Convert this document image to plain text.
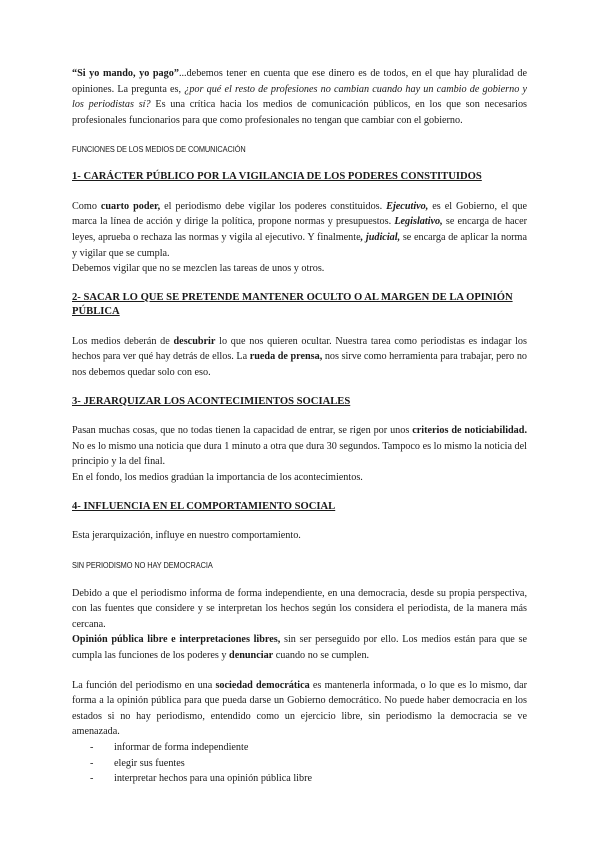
“Si yo mando, yo pago”...debemos tener en cuenta que ese dinero es de todos, en el que hay pluralidad de opiniones. La pregunta es, ¿por qué el resto de profesiones no cambian cuando hay un cambio de gobierno y los periodistas sí? Es una crítica hacia los medios de comunicación públicos, en los que son necesarios profesionales funcionarios para que como profesionales no tengan que cambiar con el gobierno.

FUNCIONES DE LOS MEDIOS DE COMUNICACIÓN
1- CARÁCTER PÚBLICO POR LA VIGILANCIA DE LOS PODERES CONSTITUIDOS

Como cuarto poder, el periodismo debe vigilar los poderes constituidos. Ejecutivo, es el Gobierno, el que marca la línea de acción y dirige la política, propone normas y presupuestos. Legislativo, se encarga de hacer leyes, aprueba o rechaza las normas y vigila al ejecutivo. Y finalmente, judicial, se encarga de aplicar la norma y vigilar que se cumpla.

Debemos vigilar que no se mezclen las tareas de unos y otros.

2- SACAR LO QUE SE PRETENDE MANTENER OCULTO O AL MARGEN DE LA OPINIÓN PÚBLICA

Los medios deberán de descubrir lo que nos quieren ocultar. Nuestra tarea como periodistas es indagar los hechos para ver qué hay detrás de ellos. La rueda de prensa, nos sirve como herramienta para trabajar, pero no nos debemos quedar solo con eso.

3- JERARQUIZAR LOS ACONTECIMIENTOS SOCIALES

Pasan muchas cosas, que no todas tienen la capacidad de entrar, se rigen por unos criterios de noticiabilidad. No es lo mismo una noticia que dura 1 minuto a otra que dura 30 segundos. Tampoco es lo mismo la noticia del principio y la del final.

En el fondo, los medios gradúan la importancia de los acontecimientos.

4- INFLUENCIA EN EL COMPORTAMIENTO SOCIAL

Esta jerarquización, influye en nuestro comportamiento.

SIN PERIODISMO NO HAY DEMOCRACIA

Debido a que el periodismo informa de forma independiente, en una democracia, desde su propia perspectiva, con las fuentes que considere y se interpretan los hechos según los considera el periodista, de la manera más cercana.

Opinión pública libre e interpretaciones libres, sin ser perseguido por ello. Los medios están para que se cumpla las funciones de los poderes y denunciar cuando no se cumplen.

La función del periodismo en una sociedad democrática es mantenerla informada, o lo que es lo mismo, dar forma a la opinión pública para que pueda darse un Gobierno democrático. No puede haber democracia en los estados si no hay periodismo, entendido como un ejercicio libre, sin periodismo la democracia se ve amenazada.

-	informar de forma independiente
-	elegir sus fuentes
-	interpretar hechos para una opinión pública libre
